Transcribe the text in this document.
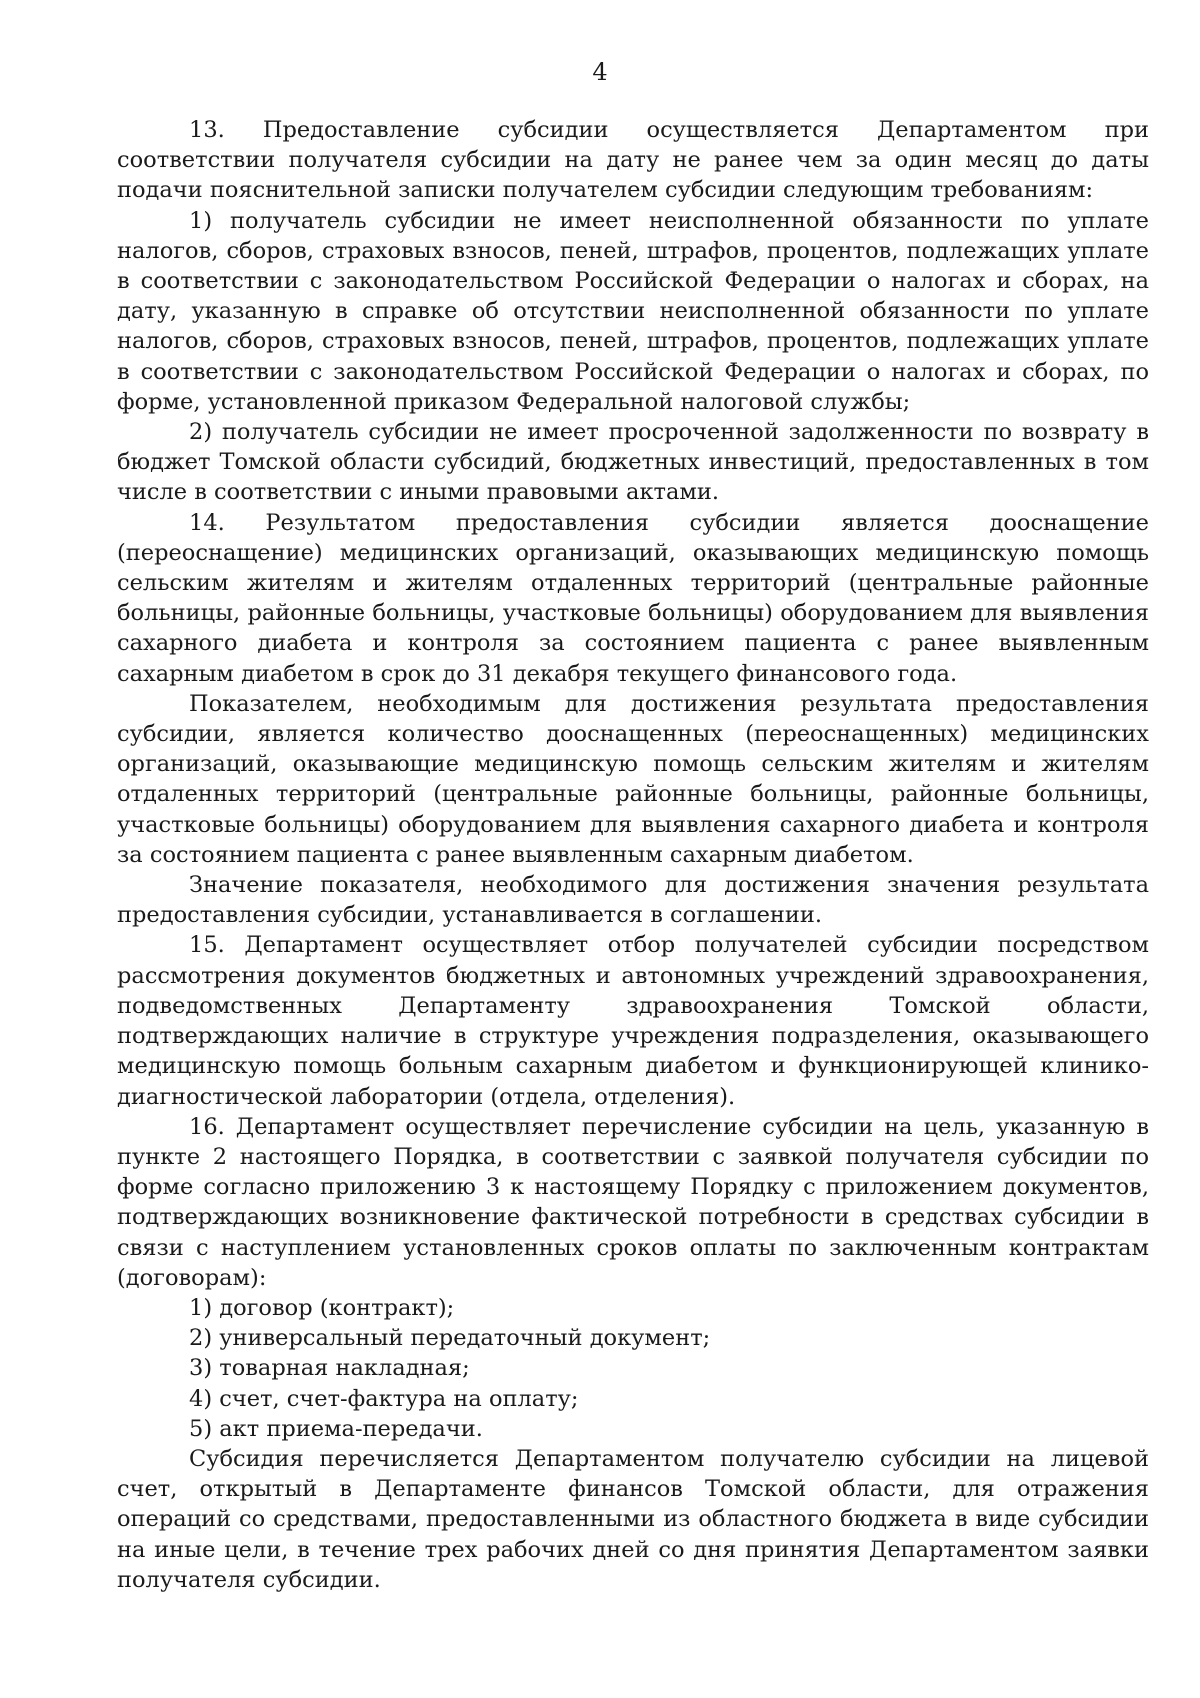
4

13. Предоставление субсидии осуществляется Департаментом при соответствии получателя субсидии на дату не ранее чем за один месяц до даты подачи пояснительной записки получателем субсидии следующим требованиям:

1) получатель субсидии не имеет неисполненной обязанности по уплате налогов, сборов, страховых взносов, пеней, штрафов, процентов, подлежащих уплате в соответствии с законодательством Российской Федерации о налогах и сборах, на дату, указанную в справке об отсутствии неисполненной обязанности по уплате налогов, сборов, страховых взносов, пеней, штрафов, процентов, подлежащих уплате в соответствии с законодательством Российской Федерации о налогах и сборах, по форме, установленной приказом Федеральной налоговой службы;

2) получатель субсидии не имеет просроченной задолженности по возврату в бюджет Томской области субсидий, бюджетных инвестиций, предоставленных в том числе в соответствии с иными правовыми актами.

14. Результатом предоставления субсидии является дооснащение (переоснащение) медицинских организаций, оказывающих медицинскую помощь сельским жителям и жителям отдаленных территорий (центральные районные больницы, районные больницы, участковые больницы) оборудованием для выявления сахарного диабета и контроля за состоянием пациента с ранее выявленным сахарным диабетом в срок до 31 декабря текущего финансового года.

Показателем, необходимым для достижения результата предоставления субсидии, является количество дооснащенных (переоснащенных) медицинских организаций, оказывающие медицинскую помощь сельским жителям и жителям отдаленных территорий (центральные районные больницы, районные больницы, участковые больницы) оборудованием для выявления сахарного диабета и контроля за состоянием пациента с ранее выявленным сахарным диабетом.

Значение показателя, необходимого для достижения значения результата предоставления субсидии, устанавливается в соглашении.

15. Департамент осуществляет отбор получателей субсидии посредством рассмотрения документов бюджетных и автономных учреждений здравоохранения, подведомственных Департаменту здравоохранения Томской области, подтверждающих наличие в структуре учреждения подразделения, оказывающего медицинскую помощь больным сахарным диабетом и функционирующей клинико-диагностической лаборатории (отдела, отделения).

16. Департамент осуществляет перечисление субсидии на цель, указанную в пункте 2 настоящего Порядка, в соответствии с заявкой получателя субсидии по форме согласно приложению 3 к настоящему Порядку с приложением документов, подтверждающих возникновение фактической потребности в средствах субсидии в связи с наступлением установленных сроков оплаты по заключенным контрактам (договорам):

1) договор (контракт);

2) универсальный передаточный документ;

3) товарная накладная;

4) счет, счет-фактура на оплату;

5) акт приема-передачи.

Субсидия перечисляется Департаментом получателю субсидии на лицевой счет, открытый в Департаменте финансов Томской области, для отражения операций со средствами, предоставленными из областного бюджета в виде субсидии на иные цели, в течение трех рабочих дней со дня принятия Департаментом заявки получателя субсидии.
